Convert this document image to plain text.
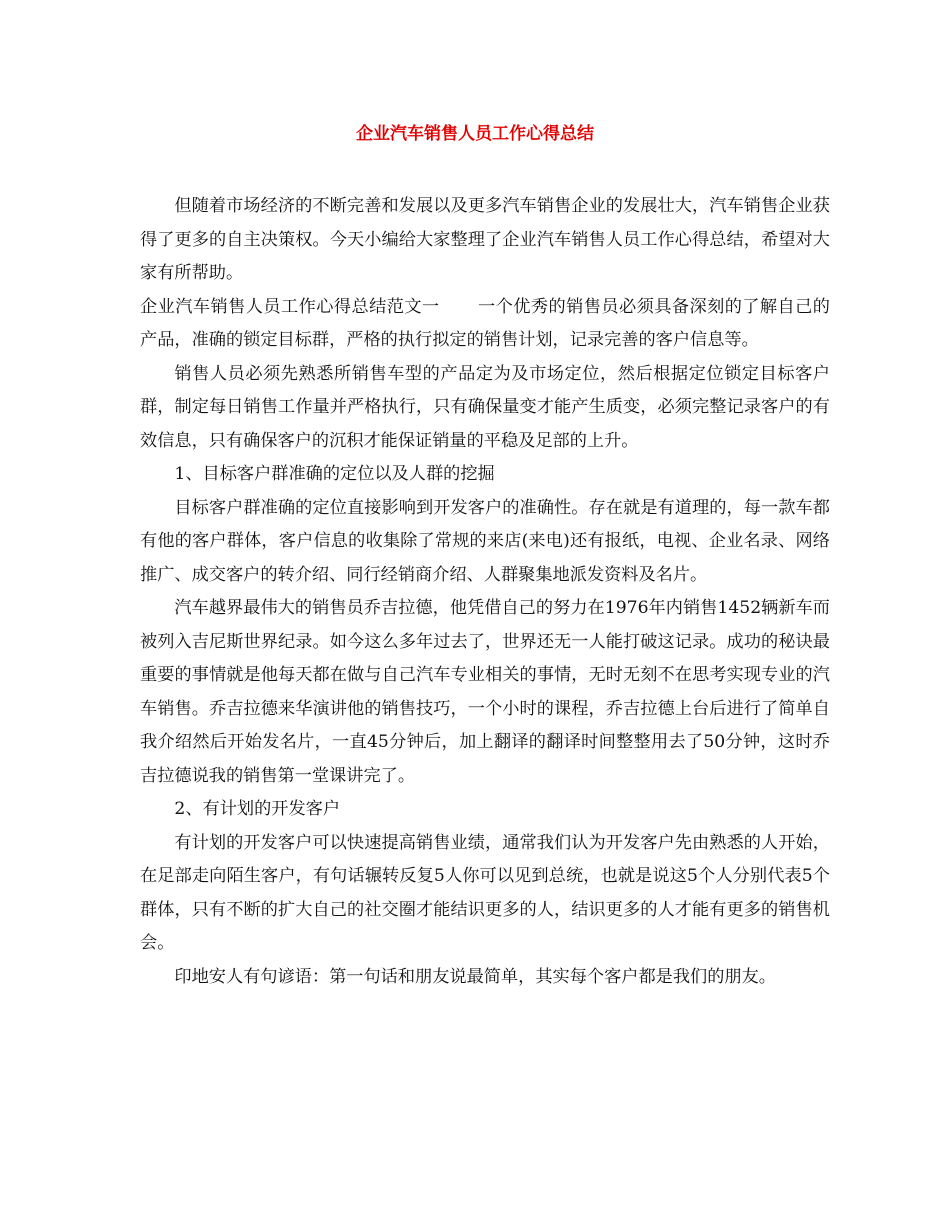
企业汽车销售人员工作心得总结

但随着市场经济的不断完善和发展以及更多汽车销售企业的发展壮大，汽车销售企业获得了更多的自主决策权。今天小编给大家整理了企业汽车销售人员工作心得总结，希望对大家有所帮助。

企业汽车销售人员工作心得总结范文一 一个优秀的销售员必须具备深刻的了解自己的产品，准确的锁定目标群，严格的执行拟定的销售计划，记录完善的客户信息等。

销售人员必须先熟悉所销售车型的产品定为及市场定位，然后根据定位锁定目标客户群，制定每日销售工作量并严格执行，只有确保量变才能产生质变，必须完整记录客户的有效信息，只有确保客户的沉积才能保证销量的平稳及足部的上升。

1、目标客户群准确的定位以及人群的挖掘

目标客户群准确的定位直接影响到开发客户的准确性。存在就是有道理的，每一款车都有他的客户群体，客户信息的收集除了常规的来店(来电)还有报纸，电视、企业名录、网络推广、成交客户的转介绍、同行经销商介绍、人群聚集地派发资料及名片。

汽车越界最伟大的销售员乔吉拉德，他凭借自己的努力在1976年内销售1452辆新车而被列入吉尼斯世界纪录。如今这么多年过去了，世界还无一人能打破这记录。成功的秘诀最重要的事情就是他每天都在做与自己汽车专业相关的事情，无时无刻不在思考实现专业的汽车销售。乔吉拉德来华演讲他的销售技巧，一个小时的课程，乔吉拉德上台后进行了简单自我介绍然后开始发名片，一直45分钟后，加上翻译的翻译时间整整用去了50分钟，这时乔吉拉德说我的销售第一堂课讲完了。

2、有计划的开发客户

有计划的开发客户可以快速提高销售业绩，通常我们认为开发客户先由熟悉的人开始，在足部走向陌生客户，有句话辗转反复5人你可以见到总统，也就是说这5个人分别代表5个群体，只有不断的扩大自己的社交圈才能结识更多的人，结识更多的人才能有更多的销售机会。

印地安人有句谚语：第一句话和朋友说最简单，其实每个客户都是我们的朋友。
